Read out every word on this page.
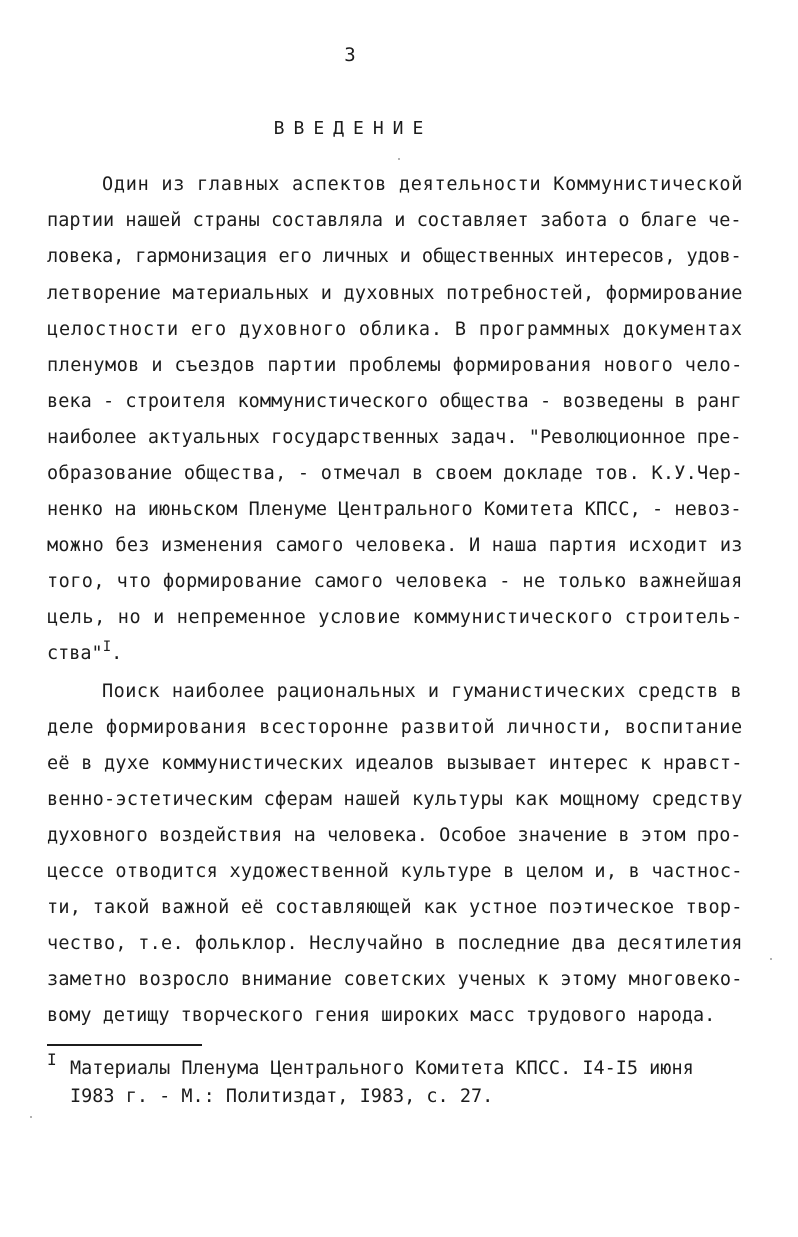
3
ВВЕДЕНИЕ
Один из главных аспектов деятельности Коммунистической
партии нашей страны составляла и составляет забота о благе че-
ловека, гармонизация его личных и общественных интересов, удов-
летворение материальных и духовных потребностей, формирование
целостности его духовного облика. В программных документах
пленумов и съездов партии проблемы формирования нового чело-
века - строителя коммунистического общества - возведены в ранг
наиболее актуальных государственных задач. "Революционное пре-
образование общества, - отмечал в своем докладе тов. К.У.Чер-
ненко на июньском Пленуме Центрального Комитета КПСС, - невоз-
можно без изменения самого человека. И наша партия исходит из
того, что формирование самого человека - не только важнейшая
цель, но и непременное условие коммунистического строитель-
ства"$^I$.
Поиск наиболее рациональных и гуманистических средств в
деле формирования всесторонне развитой личности, воспитание
её в духе коммунистических идеалов вызывает интерес к нравст-
венно-эстетическим сферам нашей культуры как мощному средству
духовного воздействия на человека. Особое значение в этом про-
цессе отводится художественной культуре в целом и, в частнос-
ти, такой важной её составляющей как устное поэтическое твор-
чество, т.е. фольклор. Неслучайно в последние два десятилетия
заметно возросло внимание советских ученых к этому многовеко-
вому детищу творческого гения широких масс трудового народа.
I Материалы Пленума Центрального Комитета КПСС. I4-I5 июня
I983 г. - М.: Политиздат, I983, с. 27.
